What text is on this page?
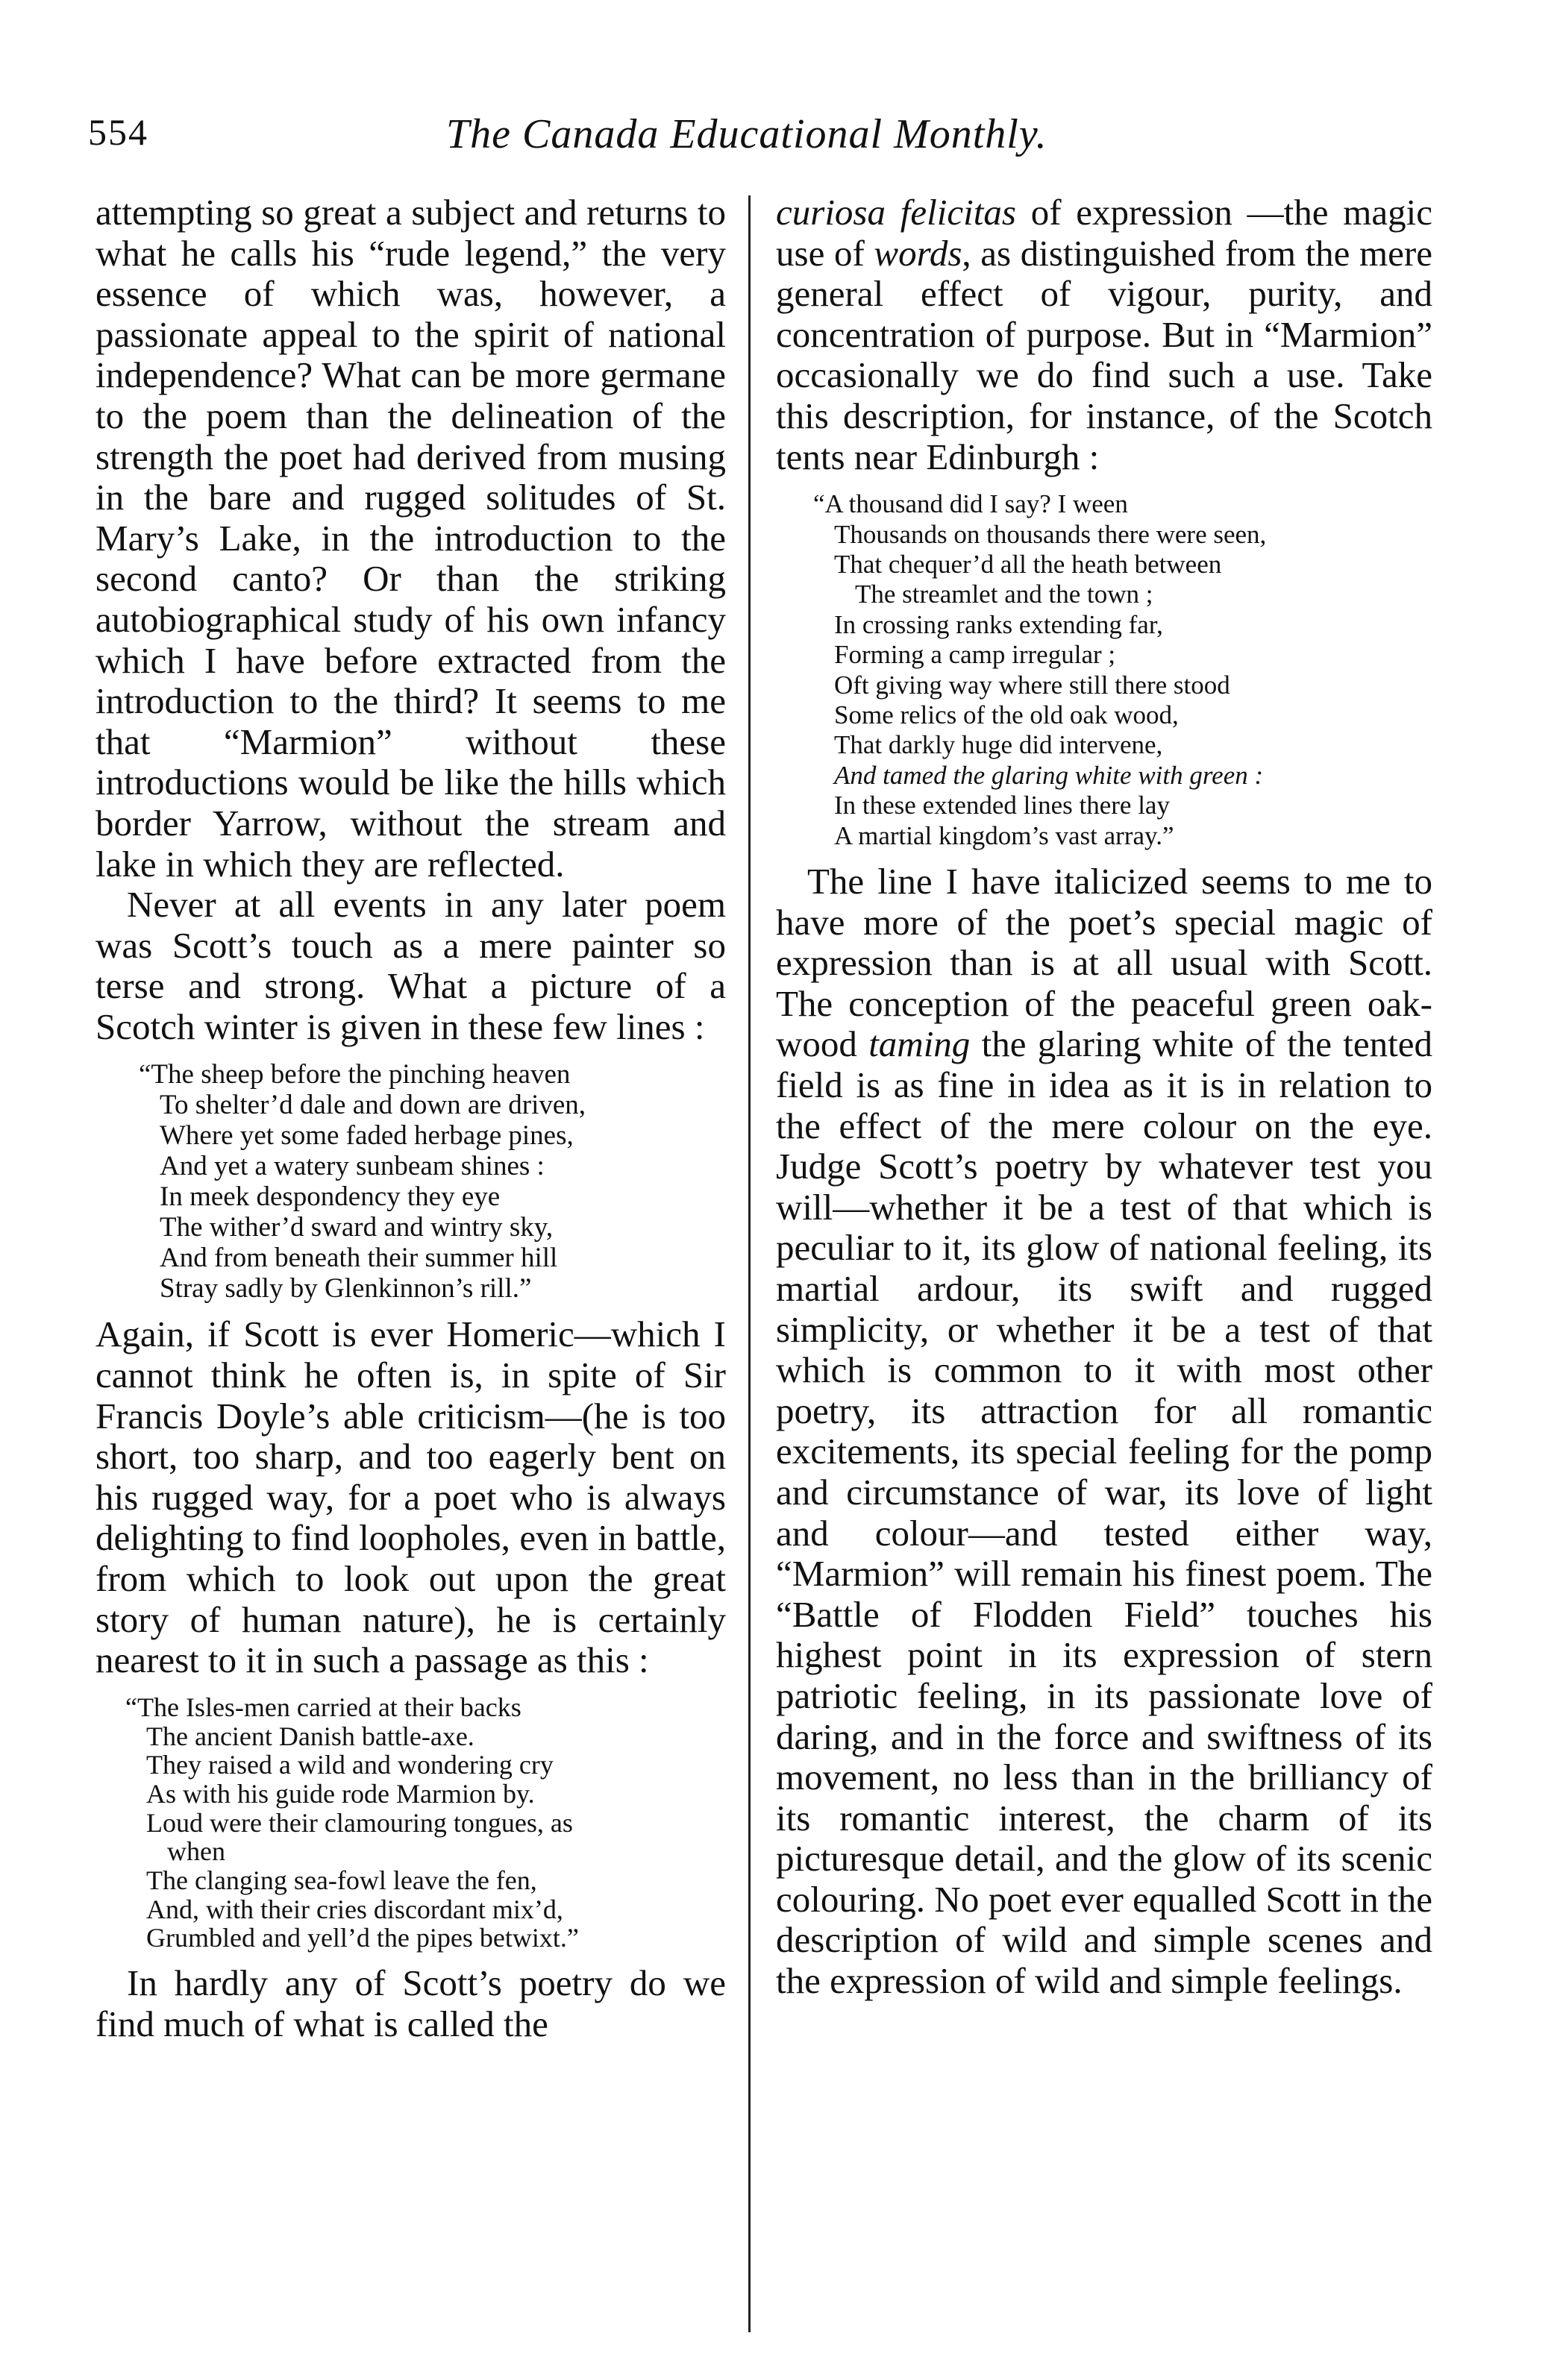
554	The Canada Educational Monthly.

attempting so great a subject and returns to what he calls his “rude legend,” the very essence of which was, however, a passionate appeal to the spirit of national independence? What can be more germane to the poem than the delineation of the strength the poet had derived from musing in the bare and rugged solitudes of St. Mary’s Lake, in the introduction to the second canto? Or than the striking autobiographical study of his own infancy which I have before extracted from the introduction to the third? It seems to me that “Marmion” without these introductions would be like the hills which border Yarrow, without the stream and lake in which they are reflected.

Never at all events in any later poem was Scott’s touch as a mere painter so terse and strong. What a picture of a Scotch winter is given in these few lines :

“The sheep before the pinching heaven
To shelter’d dale and down are driven,
Where yet some faded herbage pines,
And yet a watery sunbeam shines :
In meek despondency they eye
The wither’d sward and wintry sky,
And from beneath their summer hill
Stray sadly by Glenkinnon’s rill.”

Again, if Scott is ever Homeric—which I cannot think he often is, in spite of Sir Francis Doyle’s able criticism—(he is too short, too sharp, and too eagerly bent on his rugged way, for a poet who is always delighting to find loopholes, even in battle, from which to look out upon the great story of human nature), he is certainly nearest to it in such a passage as this :

“The Isles-men carried at their backs
The ancient Danish battle-axe.
They raised a wild and wondering cry
As with his guide rode Marmion by.
Loud were their clamouring tongues, as
when
The clanging sea-fowl leave the fen,
And, with their cries discordant mix’d,
Grumbled and yell’d the pipes betwixt.”

In hardly any of Scott’s poetry do we find much of what is called the

curiosa felicitas of expression —the magic use of words, as distinguished from the mere general effect of vigour, purity, and concentration of purpose. But in “Marmion” occasionally we do find such a use. Take this description, for instance, of the Scotch tents near Edinburgh :

“A thousand did I say? I ween
Thousands on thousands there were seen,
That chequer’d all the heath between
The streamlet and the town ;
In crossing ranks extending far,
Forming a camp irregular ;
Oft giving way where still there stood
Some relics of the old oak wood,
That darkly huge did intervene,
And tamed the glaring white with green :
In these extended lines there lay
A martial kingdom’s vast array.”

The line I have italicized seems to me to have more of the poet’s special magic of expression than is at all usual with Scott. The conception of the peaceful green oak-wood taming the glaring white of the tented field is as fine in idea as it is in relation to the effect of the mere colour on the eye. Judge Scott’s poetry by whatever test you will—whether it be a test of that which is peculiar to it, its glow of national feeling, its martial ardour, its swift and rugged simplicity, or whether it be a test of that which is common to it with most other poetry, its attraction for all romantic excitements, its special feeling for the pomp and circumstance of war, its love of light and colour—and tested either way, “Marmion” will remain his finest poem. The “Battle of Flodden Field” touches his highest point in its expression of stern patriotic feeling, in its passionate love of daring, and in the force and swiftness of its movement, no less than in the brilliancy of its romantic interest, the charm of its picturesque detail, and the glow of its scenic colouring. No poet ever equalled Scott in the description of wild and simple scenes and the expression of wild and simple feelings.
